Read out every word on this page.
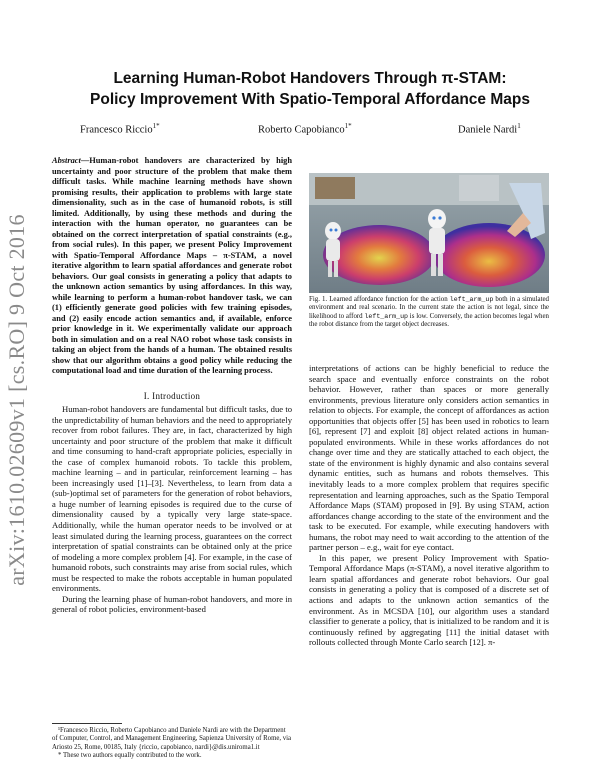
arXiv:1610.02609v1 [cs.RO] 9 Oct 2016
Learning Human-Robot Handovers Through π-STAM:
Policy Improvement With Spatio-Temporal Affordance Maps
Francesco Riccio$^{1*}$	Roberto Capobianco$^{1*}$	Daniele Nardi$^1$
Abstract—Human-robot handovers are characterized by high uncertainty and poor structure of the problem that make them difficult tasks. While machine learning methods have shown promising results, their application to problems with large state dimensionality, such as in the case of humanoid robots, is still limited. Additionally, by using these methods and during the interaction with the human operator, no guarantees can be obtained on the correct interpretation of spatial constraints (e.g., from social rules). In this paper, we present Policy Improvement with Spatio-Temporal Affordance Maps – π-STAM, a novel iterative algorithm to learn spatial affordances and generate robot behaviors. Our goal consists in generating a policy that adapts to the unknown action semantics by using affordances. In this way, while learning to perform a human-robot handover task, we can (1) efficiently generate good policies with few training episodes, and (2) easily encode action semantics and, if available, enforce prior knowledge in it. We experimentally validate our approach both in simulation and on a real NAO robot whose task consists in taking an object from the hands of a human. The obtained results show that our algorithm obtains a good policy while reducing the computational load and time duration of the learning process.
I. Introduction

Human-robot handovers are fundamental but difficult tasks, due to the unpredictability of human behaviors and the need to appropriately recover from robot failures. They are, in fact, characterized by high uncertainty and poor structure of the problem that make it difficult and time consuming to hand-craft appropriate policies, especially in the case of complex humanoid robots. To tackle this problem, machine learning – and in particular, reinforcement learning – has been increasingly used [1]–[3]. Nevertheless, to learn from data a (sub-)optimal set of parameters for the generation of robot behaviors, a huge number of learning episodes is required due to the curse of dimensionality caused by a typically very large state-space. Additionally, while the human operator needs to be involved or at least simulated during the learning process, guarantees on the correct interpretation of spatial constraints can be obtained only at the price of modeling a more complex problem [4]. For example, in the case of humanoid robots, such constraints may arise from social rules, which must be respected to make the robots acceptable in human populated environments.

During the learning phase of human-robot handovers, and more in general of robot policies, environment-based

¹Francesco Riccio, Roberto Capobianco and Daniele Nardi are with the Department of Computer, Control, and Management Engineering, Sapienza University of Rome, via Ariosto 25, Rome, 00185, Italy {riccio, capobianco, nardi}@dis.uniroma1.it

* These two authors equally contributed to the work.

Fig. 1. Learned affordance function for the action left_arm_up both in a simulated environment and real scenario. In the current state the action is not legal, since the likelihood to afford left_arm_up is low. Conversely, the action becomes legal when the robot distance from the target object decreases.

interpretations of actions can be highly beneficial to reduce the search space and eventually enforce constraints on the robot behavior. However, rather than spaces or more generally environments, previous literature only considers action semantics in relation to objects. For example, the concept of affordances as action opportunities that objects offer [5] has been used in robotics to learn [6], represent [7] and exploit [8] object related actions in human-populated environments. While in these works affordances do not change over time and they are statically attached to each object, the state of the environment is highly dynamic and also contains several dynamic entities, such as humans and robots themselves. This inevitably leads to a more complex problem that requires specific representation and learning approaches, such as the Spatio Temporal Affordance Maps (STAM) proposed in [9]. By using STAM, action affordances change according to the state of the environment and the task to be executed. For example, while executing handovers with humans, the robot may need to wait according to the attention of the partner person – e.g., wait for eye contact.

In this paper, we present Policy Improvement with Spatio-Temporal Affordance Maps (π-STAM), a novel iterative algorithm to learn spatial affordances and generate robot behaviors. Our goal consists in generating a policy that is composed of a discrete set of actions and adapts to the unknown action semantics of the environment. As in MCSDA [10], our algorithm uses a standard classifier to generate a policy, that is initialized to be random and it is continuously refined by aggregating [11] the initial dataset with rollouts collected through Monte Carlo search [12]. π-
